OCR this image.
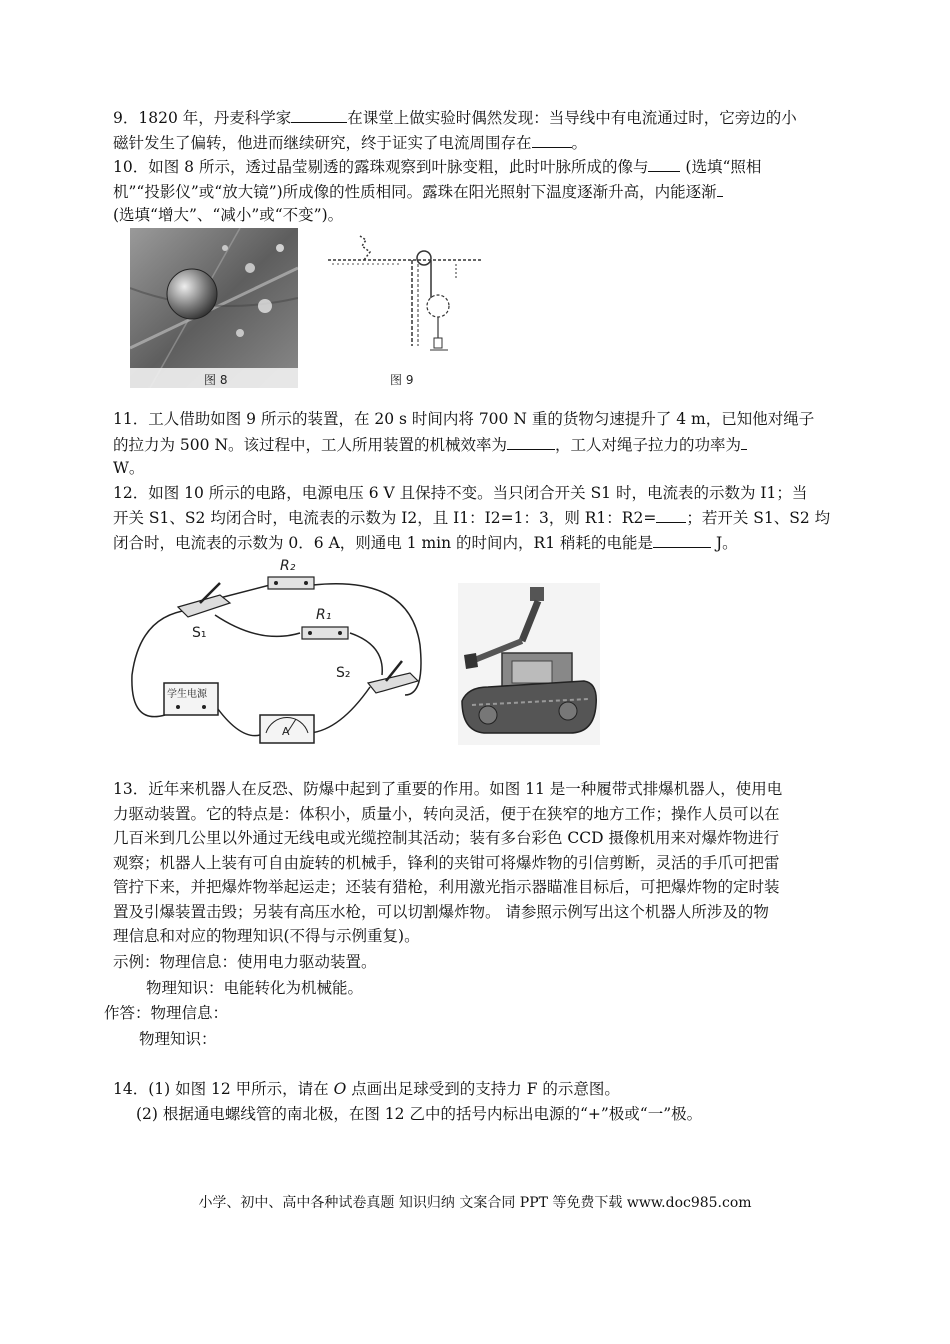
9．1820 年，丹麦科学家	在课堂上做实验时偶然发现：当导线中有电流通过时，它旁边的小
磁针发生了偏转，他进而继续研究，终于证实了电流周围存在	。
10．如图 8 所示，透过晶莹剔透的露珠观察到叶脉变粗，此时叶脉所成的像与 (选填“照相
机”“投影仪”或“放大镜”)所成像的性质相同。露珠在阳光照射下温度逐渐升高，内能逐渐
(选填“增大”、“减小”或“不变”)。
图 8	图 9
11．工人借助如图 9 所示的装置，在 20 s 时间内将 700 N 重的货物匀速提升了 4 m，已知他对绳子
的拉力为 500 N。该过程中，工人所用装置的机械效率为	，工人对绳子拉力的功率为
W。
12．如图 10 所示的电路，电源电压 6 V 且保持不变。当只闭合开关 S1 时，电流表的示数为 I1；当
开关 S1、S2 均闭合时，电流表的示数为 I2，且 I1：I2=1：3，则 R1：R2= ；若开关 S1、S2 均
闭合时，电流表的示数为 0．6 A，则通电 1 min 的时间内，R1 稍耗的电能是	J。
S₁
R₂
R₁
S₂
学生电源
A
13．近年来机器人在反恐、防爆中起到了重要的作用。如图 11 是一种履带式排爆机器人，使用电
力驱动装置。它的特点是：体积小，质量小，转向灵活，便于在狭窄的地方工作；操作人员可以在
几百米到几公里以外通过无线电或光缆控制其活动；装有多台彩色 CCD 摄像机用来对爆炸物进行
观察；机器人上装有可自由旋转的机械手，锋利的夹钳可将爆炸物的引信剪断，灵活的手爪可把雷
管拧下来，并把爆炸物举起运走；还装有猎枪，利用激光指示器瞄准目标后，可把爆炸物的定时装
置及引爆装置击毁；另装有高压水枪，可以切割爆炸物。 请参照示例写出这个机器人所涉及的物
理信息和对应的物理知识(不得与示例重复)。
示例：物理信息：使用电力驱动装置。
物理知识：电能转化为机械能。
作答：物理信息：
物理知识：
14．(1) 如图 12 甲所示，请在 O 点画出足球受到的支持力 F 的示意图。
(2) 根据通电螺线管的南北极，在图 12 乙中的括号内标出电源的“+”极或“一”极。
小学、初中、高中各种试卷真题 知识归纳 文案合同 PPT 等免费下载 www.doc985.com
